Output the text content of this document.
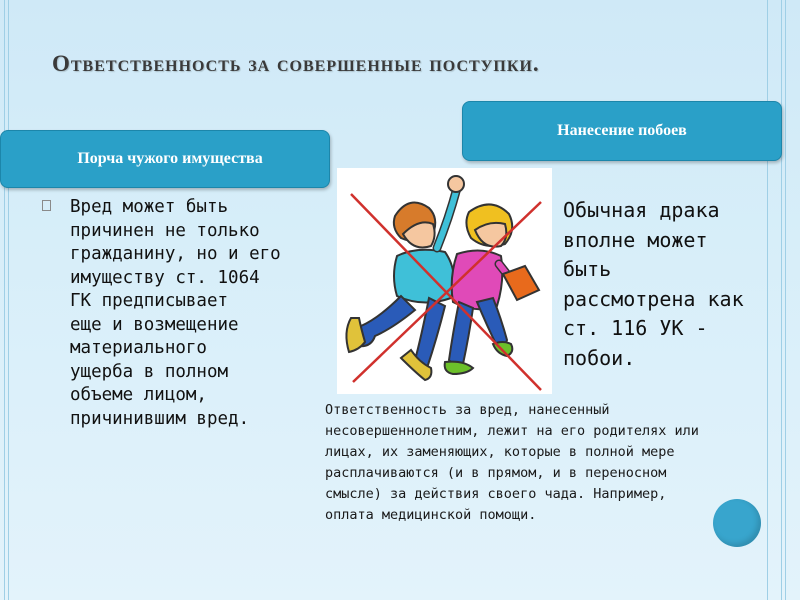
Ответственность за совершенные поступки.
Порча чужого имущества
Нанесение побоев
Вред может быть
причинен не только
гражданину, но и его
имуществу ст. 1064
ГК предписывает
еще и возмещение
материального
ущерба в полном
объеме лицом,
причинившим вред.
Обычная драка
вполне может
быть
рассмотрена как
ст. 116 УК -
побои.
Ответственность за вред, нанесенный
несовершеннолетним, лежит на его родителях или
лицах, их заменяющих, которые в полной мере
расплачиваются (и в прямом, и в переносном
смысле) за действия своего чада. Например,
оплата медицинской помощи.
